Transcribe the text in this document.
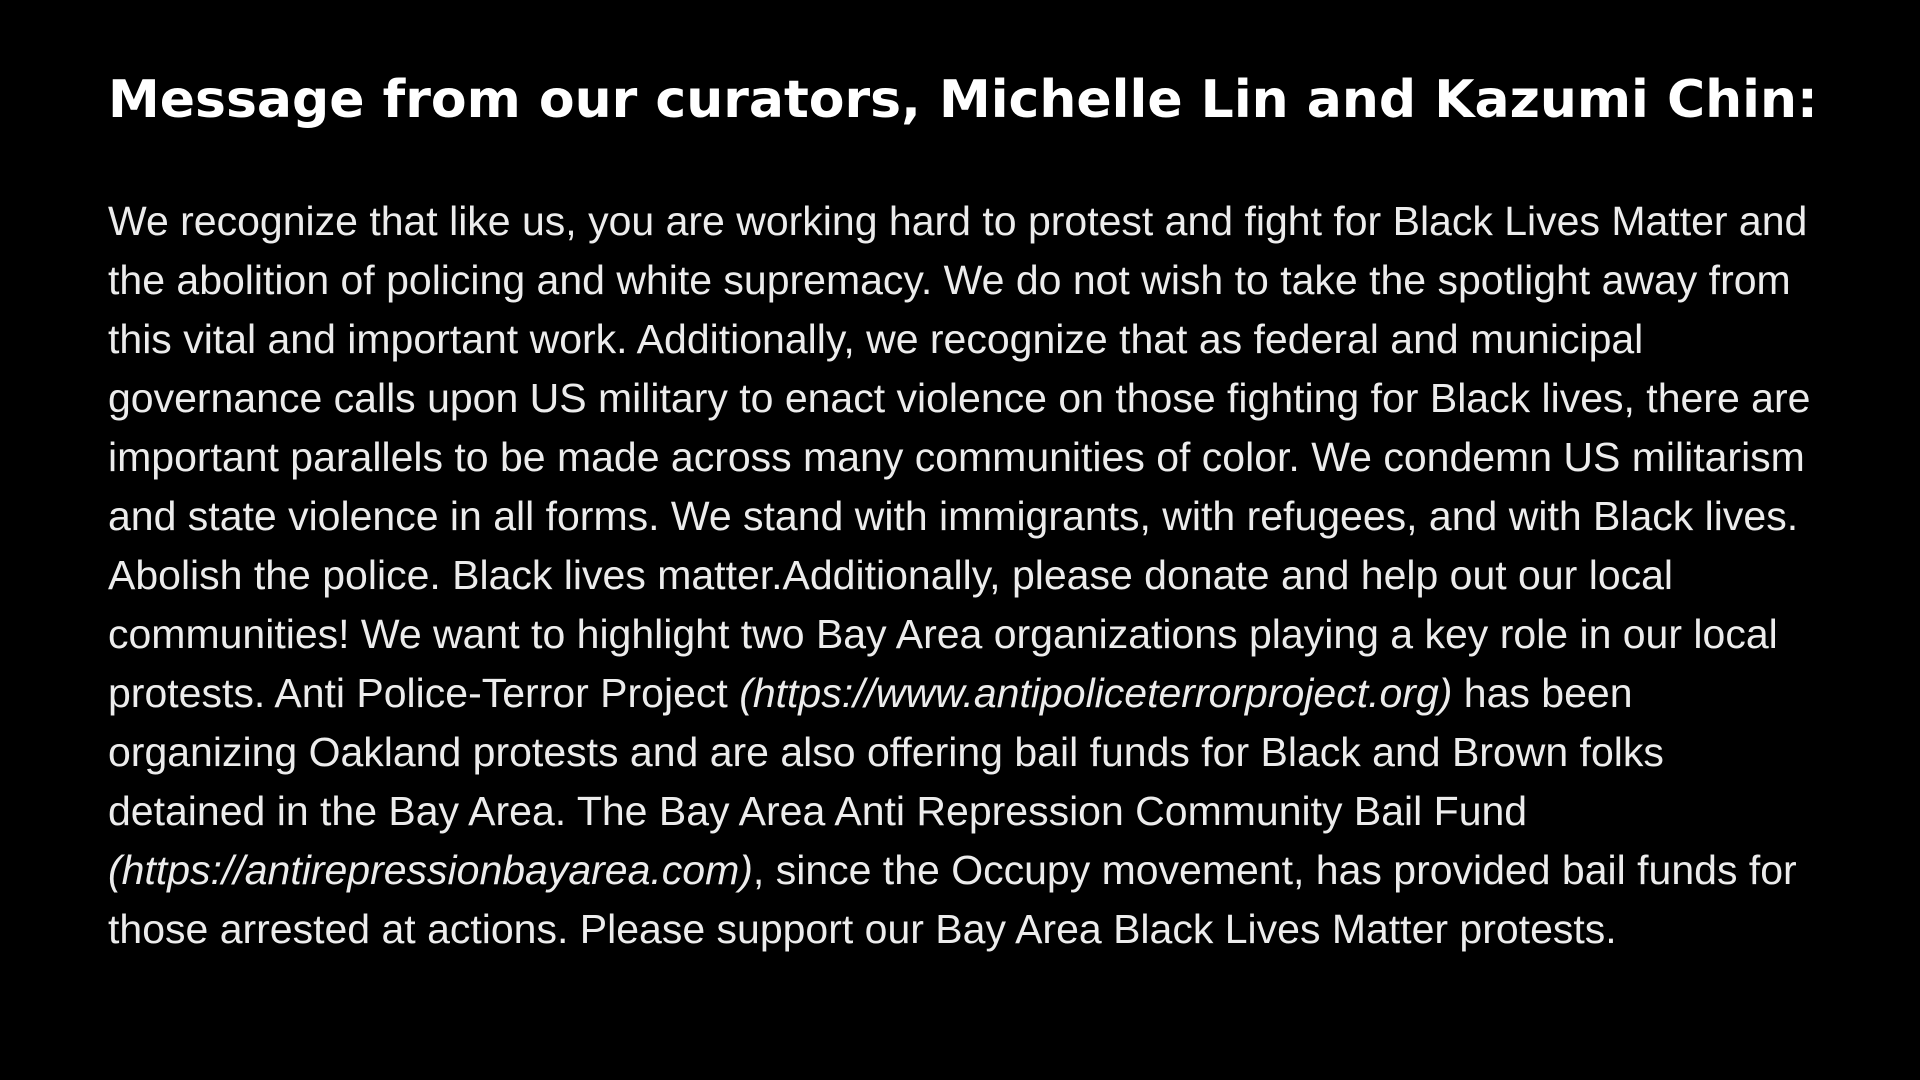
Message from our curators, Michelle Lin and Kazumi Chin:

We recognize that like us, you are working hard to protest and fight for Black Lives Matter and the abolition of policing and white supremacy. We do not wish to take the spotlight away from this vital and important work. Additionally, we recognize that as federal and municipal governance calls upon US military to enact violence on those fighting for Black lives, there are important parallels to be made across many communities of color. We condemn US militarism and state violence in all forms. We stand with immigrants, with refugees, and with Black lives. Abolish the police. Black lives matter.Additionally, please donate and help out our local communities! We want to highlight two Bay Area organizations playing a key role in our local protests. Anti Police-Terror Project (https://www.antipoliceterrorproject.org) has been organizing Oakland protests and are also offering bail funds for Black and Brown folks detained in the Bay Area. The Bay Area Anti Repression Community Bail Fund (https://antirepressionbayarea.com), since the Occupy movement, has provided bail funds for those arrested at actions. Please support our Bay Area Black Lives Matter protests.
